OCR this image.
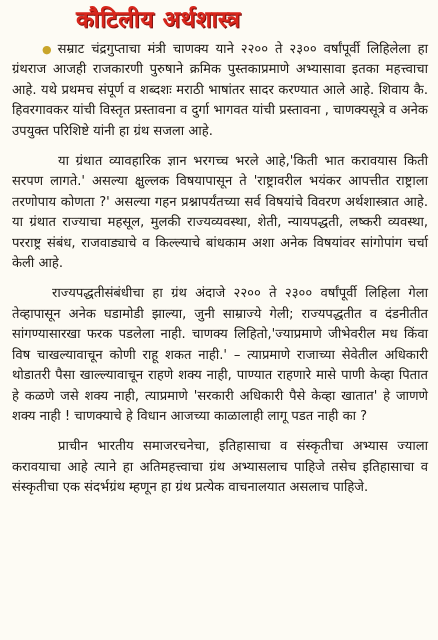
कौटिलीय अर्थशास्त्र

● सम्राट चंद्रगुप्ताचा मंत्री चाणक्य याने २२०० ते २३०० वर्षांपूर्वी लिहिलेला हा ग्रंथराज आजही राजकारणी पुरुषाने क्रमिक पुस्तकाप्रमाणे अभ्यासावा इतका महत्त्वाचा आहे. यथे प्रथमच संपूर्ण व शब्दशः मराठी भाषांतर सादर करण्यात आले आहे. शिवाय कै. हिवरगावकर यांची विस्तृत प्रस्तावना व दुर्गा भागवत यांची प्रस्तावना , चाणक्यसूत्रे व अनेक उपयुक्त परिशिष्टे यांनी हा ग्रंथ सजला आहे.

या ग्रंथात व्यावहारिक ज्ञान भरगच्च भरले आहे,'किती भात करावयास किती सरपण लागते.' असल्या क्षुल्लक विषयापासून ते 'राष्ट्रावरील भयंकर आपत्तीत राष्ट्राला तरणोपाय कोणता ?' असल्या गहन प्रश्नापर्यंतच्या सर्व विषयांचे विवरण अर्थशास्त्रात आहे. या ग्रंथात राज्याचा महसूल, मुलकी राज्यव्यवस्था, शेती, न्यायपद्धती, लष्करी व्यवस्था, परराष्ट्र संबंध, राजवाड्याचे व किल्ल्याचे बांधकाम अशा अनेक विषयांवर सांगोपांग चर्चा केली आहे.

राज्यपद्धतीसंबंधीचा हा ग्रंथ अंदाजे २२०० ते २३०० वर्षांपूर्वी लिहिला गेला तेव्हापासून अनेक घडामोडी झाल्या, जुनी साम्राज्ये गेली; राज्यपद्धतीत व दंडनीतीत सांगण्यासारखा फरक पडलेला नाही. चाणक्य लिहितो,'ज्याप्रमाणे जीभेवरील मध किंवा विष चाखल्यावाचून कोणी राहू शकत नाही.' – त्याप्रमाणे राजाच्या सेवेतील अधिकारी थोडातरी पैसा खाल्ल्यावाचून राहणे शक्य नाही, पाण्यात राहणारे मासे पाणी केव्हा पितात हे कळणे जसे शक्य नाही, त्याप्रमाणे 'सरकारी अधिकारी पैसे केव्हा खातात' हे जाणणे शक्य नाही ! चाणक्याचे हे विधान आजच्या काळालाही लागू पडत नाही का ?

प्राचीन भारतीय समाजरचनेचा, इतिहासाचा व संस्कृतीचा अभ्यास ज्याला करावयाचा आहे त्याने हा अतिमहत्त्वाचा ग्रंथ अभ्यासलाच पाहिजे तसेच इतिहासाचा व संस्कृतीचा एक संदर्भग्रंथ म्हणून हा ग्रंथ प्रत्येक वाचनालयात असलाच पाहिजे.
